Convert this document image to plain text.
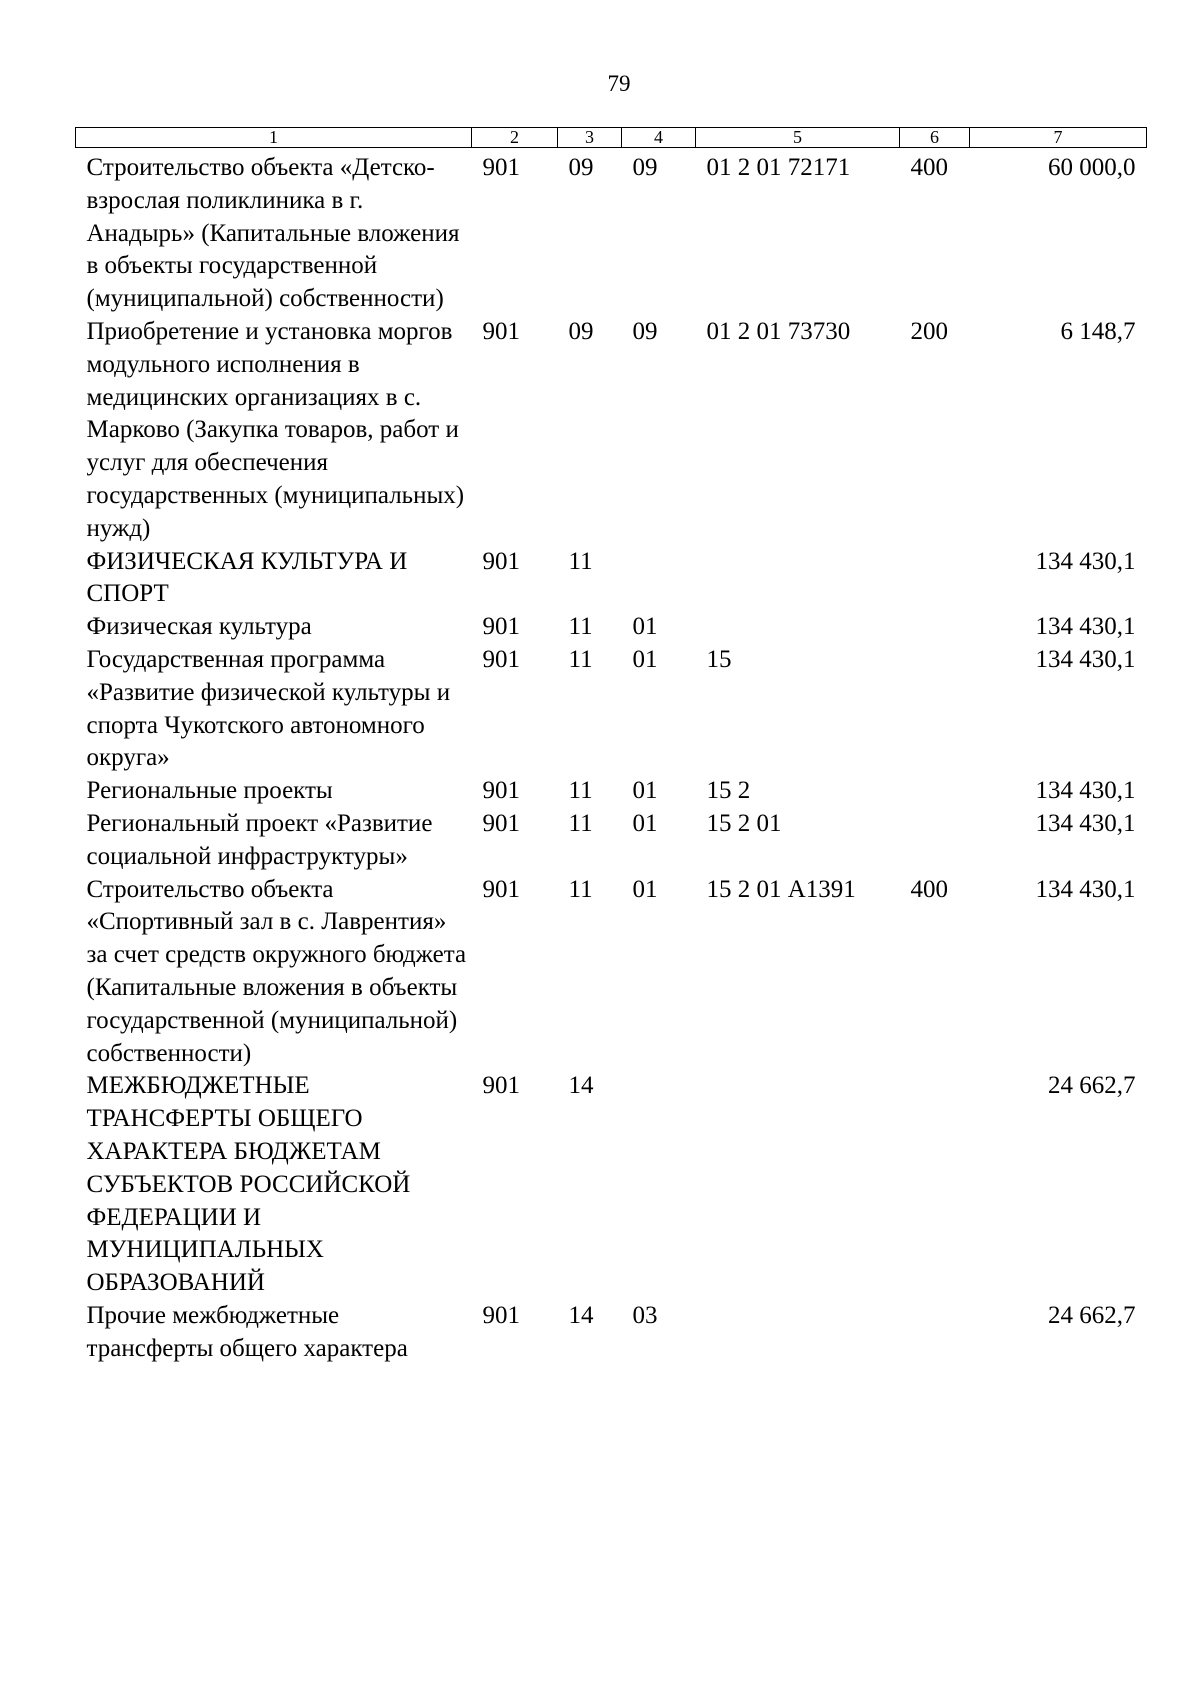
79
1	2	3	4	5	6	7
Строительство объекта «Детско-взрослая поликлиника в г. Анадырь» (Капитальные вложения в объекты государственной (муниципальной) собственности)	901	09	09	01 2 01 72171	400	60 000,0
Приобретение и установка моргов модульного исполнения в медицинских организациях в с. Марково (Закупка товаров, работ и услуг для обеспечения государственных (муниципальных) нужд)	901	09	09	01 2 01 73730	200	6 148,7
ФИЗИЧЕСКАЯ КУЛЬТУРА И СПОРТ	901	11				134 430,1
Физическая культура	901	11	01			134 430,1
Государственная программа «Развитие физической культуры и спорта Чукотского автономного округа»	901	11	01	15		134 430,1
Региональные проекты	901	11	01	15 2		134 430,1
Региональный проект «Развитие социальной инфраструктуры»	901	11	01	15 2 01		134 430,1
Строительство объекта «Спортивный зал в с. Лаврентия» за счет средств окружного бюджета (Капитальные вложения в объекты государственной (муниципальной) собственности)	901	11	01	15 2 01 А1391	400	134 430,1
МЕЖБЮДЖЕТНЫЕ ТРАНСФЕРТЫ ОБЩЕГО ХАРАКТЕРА БЮДЖЕТАМ СУБЪЕКТОВ РОССИЙСКОЙ ФЕДЕРАЦИИ И МУНИЦИПАЛЬНЫХ ОБРАЗОВАНИЙ	901	14				24 662,7
Прочие межбюджетные трансферты общего характера	901	14	03			24 662,7
